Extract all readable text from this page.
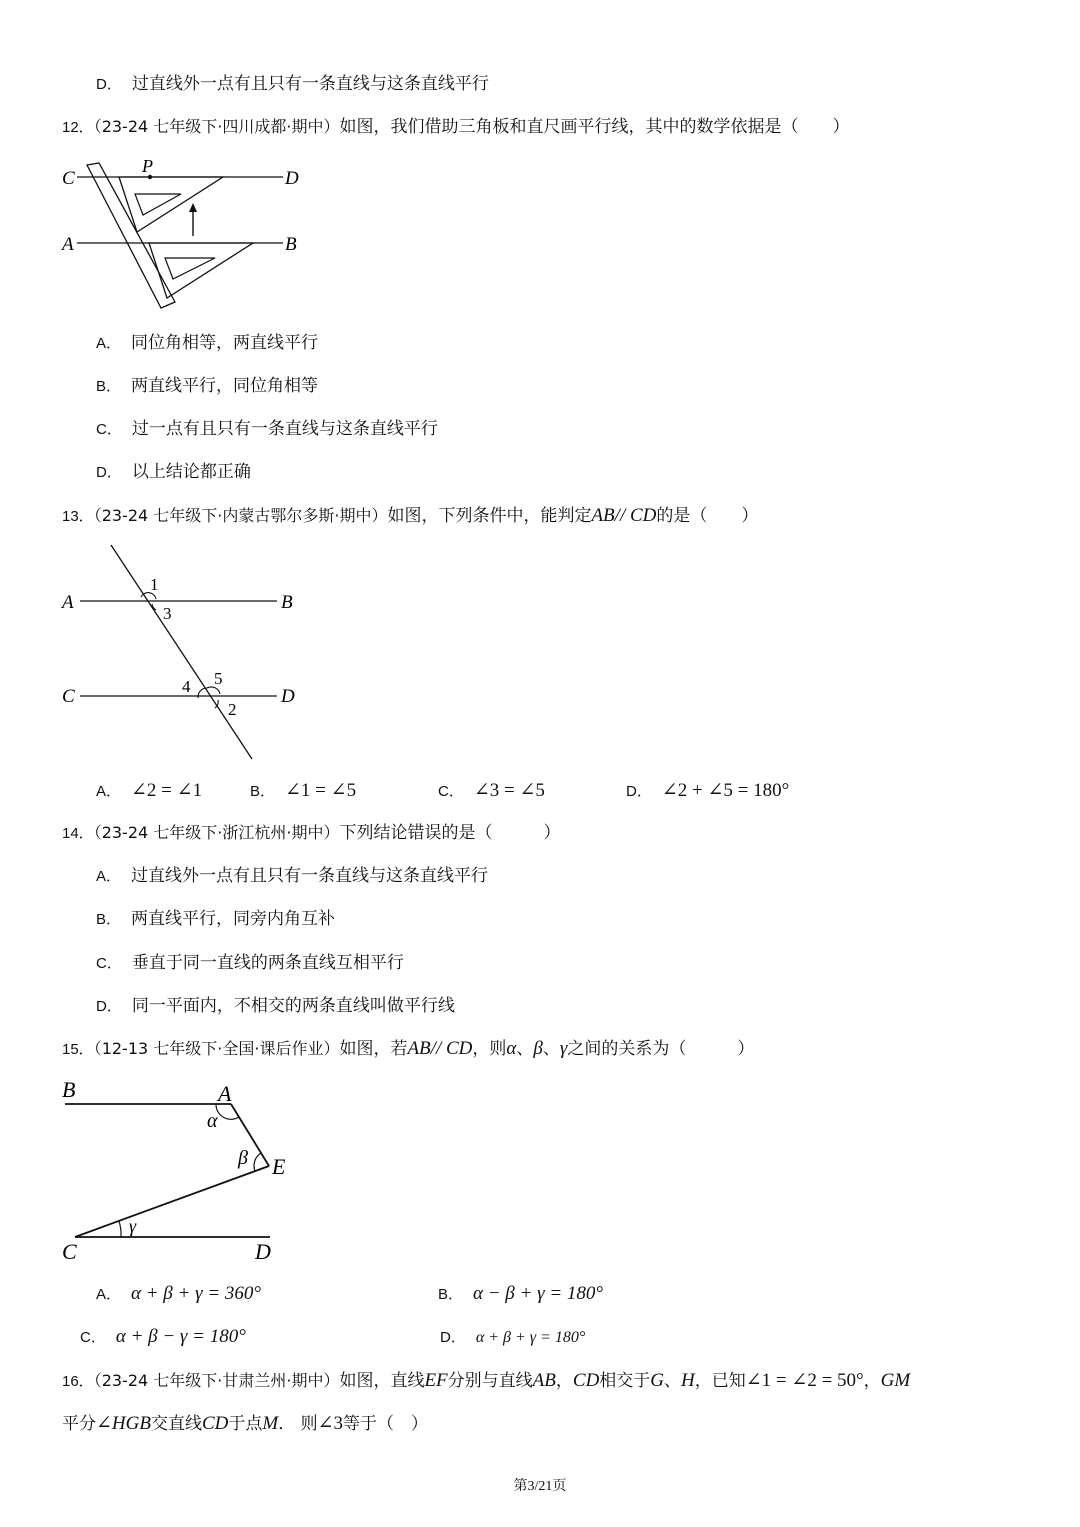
D． 过直线外一点有且只有一条直线与这条直线平行
12．（23-24 七年级下·四川成都·期中）如图，我们借助三角板和直尺画平行线，其中的数学依据是（　　）
C
P
D
A	B
A． 同位角相等，两直线平行
B． 两直线平行，同位角相等
C． 过一点有且只有一条直线与这条直线平行
D． 以上结论都正确
13．（23-24 七年级下·内蒙古鄂尔多斯·期中）如图，下列条件中，能判定AB// CD的是（　　）
A	B
C	D
1
3
4 5
2
A． ∠2 = ∠1	B． ∠1 = ∠5	C． ∠3 = ∠5	D． ∠2 + ∠5 = 180°
14．（23-24 七年级下·浙江杭州·期中）下列结论错误的是（　　　）
A． 过直线外一点有且只有一条直线与这条直线平行
B． 两直线平行，同旁内角互补
C． 垂直于同一直线的两条直线互相平行
D． 同一平面内，不相交的两条直线叫做平行线
15．（12-13 七年级下·全国·课后作业）如图，若AB// CD，则α、β、γ之间的关系为（　　　）
B	A
E
C	D
α
β
γ
A． α + β + γ = 360°	B． α − β + γ = 180°
C． α + β − γ = 180°	D． α + β + γ = 180°
16．（23-24 七年级下·甘肃兰州·期中）如图，直线EF分别与直线AB，CD相交于G、H，已知∠1 = ∠2 = 50°，GM
平分∠HGB交直线CD于点M． 则∠3等于（　）
第3/21页
